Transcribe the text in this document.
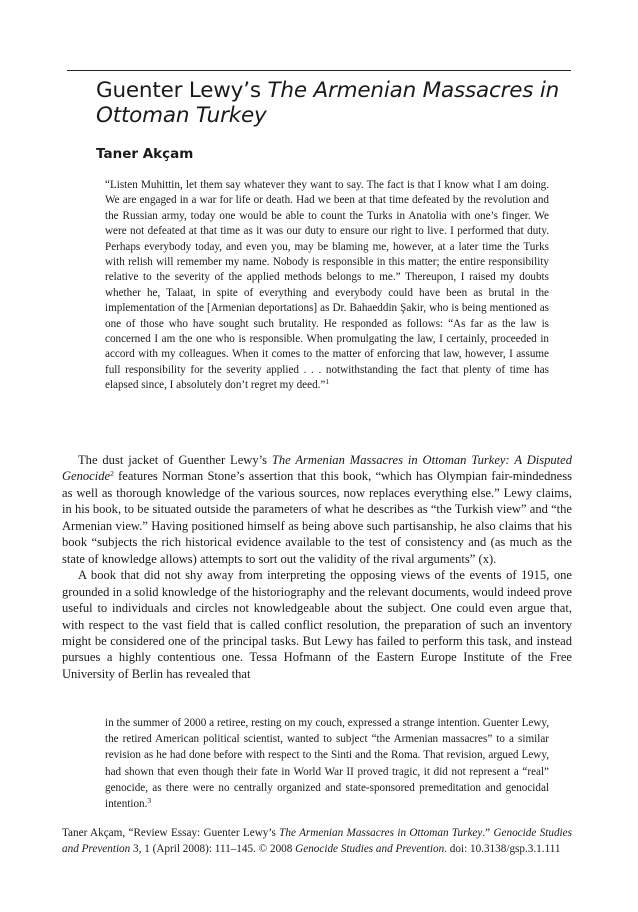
Guenter Lewy’s The Armenian Massacres in Ottoman Turkey
Taner Akçam
“Listen Muhittin, let them say whatever they want to say. The fact is that I know what I am doing. We are engaged in a war for life or death. Had we been at that time defeated by the revolution and the Russian army, today one would be able to count the Turks in Anatolia with one’s finger. We were not defeated at that time as it was our duty to ensure our right to live. I performed that duty. Perhaps everybody today, and even you, may be blaming me, however, at a later time the Turks with relish will remember my name. Nobody is responsible in this matter; the entire responsibility relative to the severity of the applied methods belongs to me.” Thereupon, I raised my doubts whether he, Talaat, in spite of everything and everybody could have been as brutal in the implementation of the [Armenian deportations] as Dr. Bahaeddin Şakir, who is being mentioned as one of those who have sought such brutality. He responded as follows: “As far as the law is concerned I am the one who is responsible. When promulgating the law, I certainly, proceeded in accord with my colleagues. When it comes to the matter of enforcing that law, however, I assume full responsibility for the severity applied . . . notwithstanding the fact that plenty of time has elapsed since, I absolutely don’t regret my deed.”$^1$

The dust jacket of Guenther Lewy’s The Armenian Massacres in Ottoman Turkey: A Disputed Genocide$^2$ features Norman Stone’s assertion that this book, “which has Olympian fair-mindedness as well as thorough knowledge of the various sources, now replaces everything else.” Lewy claims, in his book, to be situated outside the parameters of what he describes as “the Turkish view” and “the Armenian view.” Having positioned himself as being above such partisanship, he also claims that his book “subjects the rich historical evidence available to the test of consistency and (as much as the state of knowledge allows) attempts to sort out the validity of the rival arguments” (x).

A book that did not shy away from interpreting the opposing views of the events of 1915, one grounded in a solid knowledge of the historiography and the relevant documents, would indeed prove useful to individuals and circles not knowledgeable about the subject. One could even argue that, with respect to the vast field that is called conflict resolution, the preparation of such an inventory might be considered one of the principal tasks. But Lewy has failed to perform this task, and instead pursues a highly contentious one. Tessa Hofmann of the Eastern Europe Institute of the Free University of Berlin has revealed that

in the summer of 2000 a retiree, resting on my couch, expressed a strange intention. Guenter Lewy, the retired American political scientist, wanted to subject “the Armenian massacres” to a similar revision as he had done before with respect to the Sinti and the Roma. That revision, argued Lewy, had shown that even though their fate in World War II proved tragic, it did not represent a “real” genocide, as there were no centrally organized and state-sponsored premeditation and genocidal intention.$^3$
Taner Akçam, “Review Essay: Guenter Lewy’s The Armenian Massacres in Ottoman Turkey.” Genocide Studies and Prevention 3, 1 (April 2008): 111–145. © 2008 Genocide Studies and Prevention. doi: 10.3138/gsp.3.1.111
